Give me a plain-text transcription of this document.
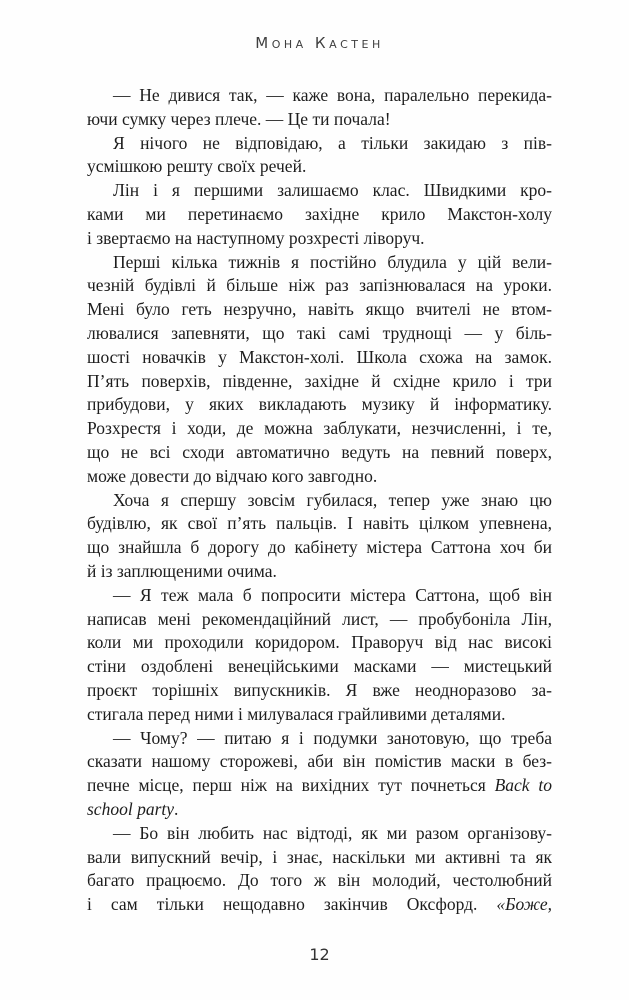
Мона Кастен
— Не дивися так, — каже вона, паралельно перекида-
ючи сумку через плече. — Це ти почала!
Я нічого не відповідаю, а тільки закидаю з пів-
усмішкою решту своїх речей.
Лін і я першими залишаємо клас. Швидкими кро-
ками ми перетинаємо західне крило Макстон-холу
і звертаємо на наступному розхресті ліворуч.
Перші кілька тижнів я постійно блудила у цій вели-
чезній будівлі й більше ніж раз запізнювалася на уроки.
Мені було геть незручно, навіть якщо вчителі не втом-
лювалися запевняти, що такі самі труднощі — у біль-
шості новачків у Макстон-холі. Школа схожа на замок.
П’ять поверхів, південне, західне й східне крило і три
прибудови, у яких викладають музику й інформатику.
Розхрестя і ходи, де можна заблукати, незчисленні, і те,
що не всі сходи автоматично ведуть на певний поверх,
може довести до відчаю кого завгодно.
Хоча я спершу зовсім губилася, тепер уже знаю цю
будівлю, як свої п’ять пальців. І навіть цілком упевнена,
що знайшла б дорогу до кабінету містера Саттона хоч би
й із заплющеними очима.
— Я теж мала б попросити містера Саттона, щоб він
написав мені рекомендаційний лист, — пробубоніла Лін,
коли ми проходили коридором. Праворуч від нас високі
стіни оздоблені венеційськими масками — мистецький
проєкт торішніх випускників. Я вже неодноразово за-
стигала перед ними і милувалася грайливими деталями.
— Чому? — питаю я і подумки занотовую, що треба
сказати нашому сторожеві, аби він помістив маски в без-
печне місце, перш ніж на вихідних тут почнеться Back to
school party.
— Бо він любить нас відтоді, як ми разом організову-
вали випускний вечір, і знає, наскільки ми активні та як
багато працюємо. До того ж він молодий, честолюбний
і сам тільки нещодавно закінчив Оксфорд. «Боже,
12
